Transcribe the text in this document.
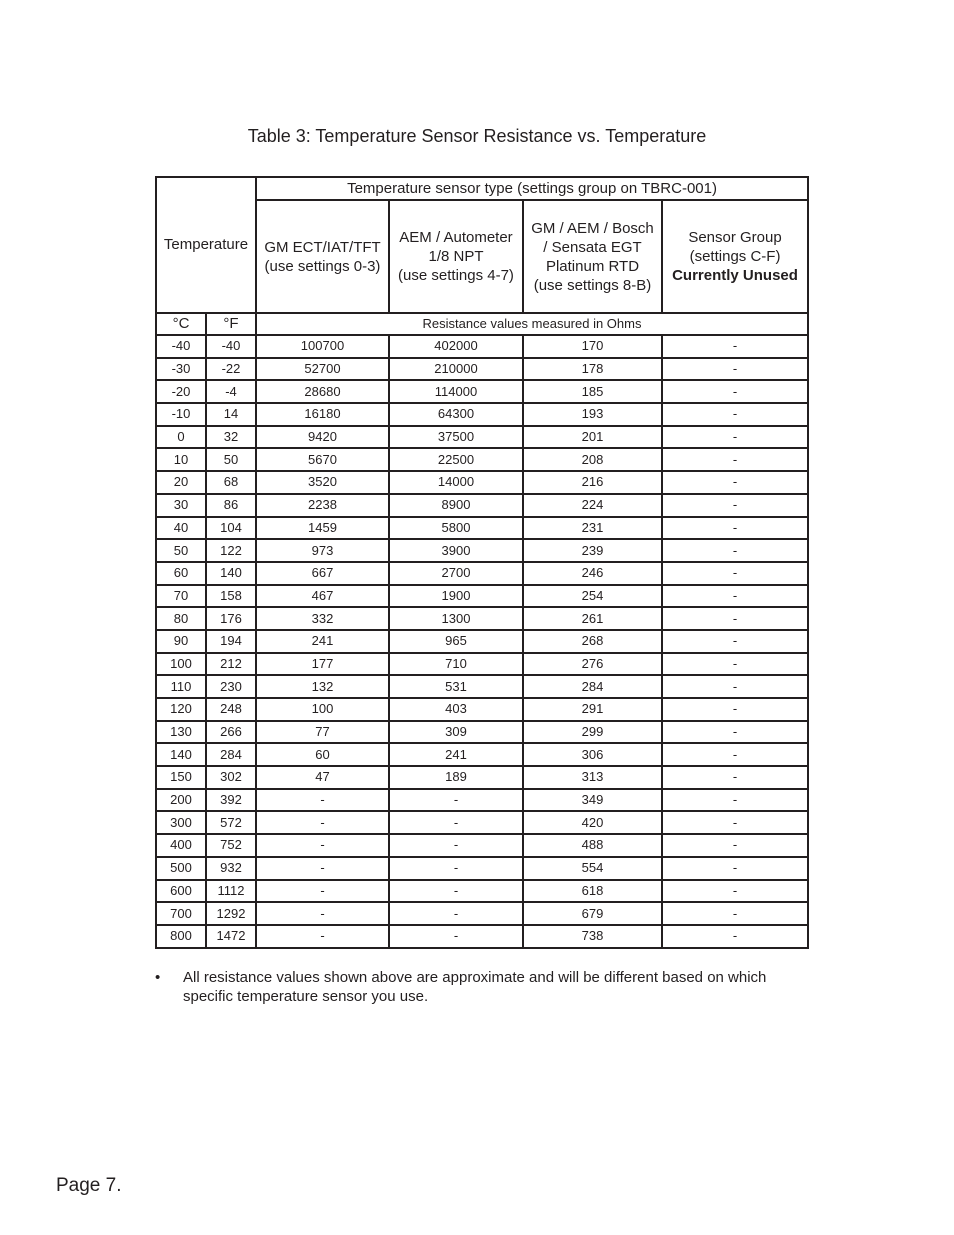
Table 3: Temperature Sensor Resistance vs. Temperature
Temperature		Temperature sensor type (settings group on TBRC-001)			

		GM ECT/IAT/TFT
(use settings 0-3)	AEM / Autometer
1/8 NPT
(use settings 4-7)	GM / AEM / Bosch
/ Sensata EGT
Platinum RTD
(use settings 8-B)	Sensor Group
(settings C-F)
Currently Unused

°C	°F	Resistance values measured in Ohms			
-40	-40	100700	402000	170	-
-30	-22	52700	210000	178	-
-20	-4	28680	114000	185	-
-10	14	16180	64300	193	-
0	32	9420	37500	201	-
10	50	5670	22500	208	-
20	68	3520	14000	216	-
30	86	2238	8900	224	-
40	104	1459	5800	231	-
50	122	973	3900	239	-
60	140	667	2700	246	-
70	158	467	1900	254	-
80	176	332	1300	261	-
90	194	241	965	268	-
100	212	177	710	276	-
110	230	132	531	284	-
120	248	100	403	291	-
130	266	77	309	299	-
140	284	60	241	306	-
150	302	47	189	313	-
200	392	-	-	349	-
300	572	-	-	420	-
400	752	-	-	488	-
500	932	-	-	554	-
600	1112	-	-	618	-
700	1292	-	-	679	-
800	1472	-	-	738	-
• All resistance values shown above are approximate and will be different based on which specific temperature sensor you use.
Page 7.
